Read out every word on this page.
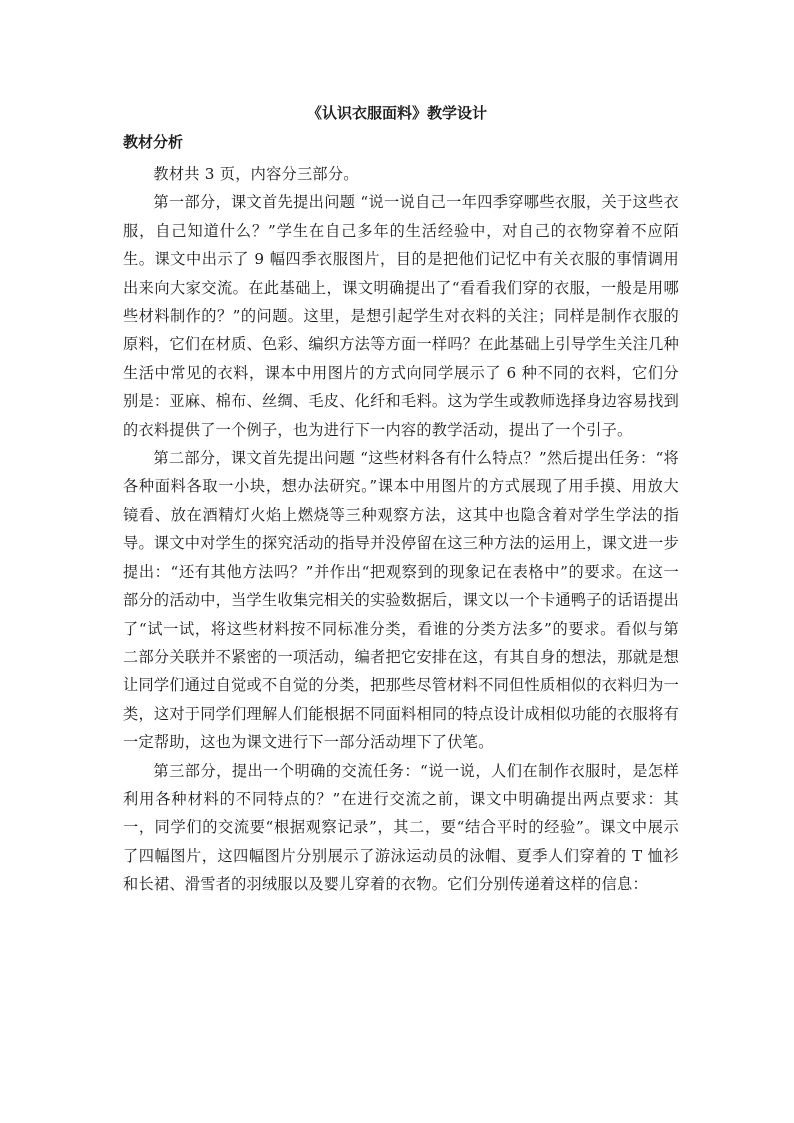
《认识衣服面料》教学设计
教材分析

教材共 3 页，内容分三部分。

第一部分，课文首先提出问题 “说一说自己一年四季穿哪些衣服，关于这些衣服，自己知道什么？”学生在自己多年的生活经验中，对自己的衣物穿着不应陌生。课文中出示了 9 幅四季衣服图片，目的是把他们记忆中有关衣服的事情调用出来向大家交流。在此基础上，课文明确提出了“看看我们穿的衣服，一般是用哪些材料制作的？”的问题。这里，是想引起学生对衣料的关注；同样是制作衣服的原料，它们在材质、色彩、编织方法等方面一样吗？在此基础上引导学生关注几种生活中常见的衣料，课本中用图片的方式向同学展示了 6 种不同的衣料，它们分别是：亚麻、棉布、丝绸、毛皮、化纤和毛料。这为学生或教师选择身边容易找到的衣料提供了一个例子，也为进行下一内容的教学活动，提出了一个引子。

第二部分，课文首先提出问题 “这些材料各有什么特点？”然后提出任务：“将各种面料各取一小块，想办法研究。”课本中用图片的方式展现了用手摸、用放大镜看、放在酒精灯火焰上燃烧等三种观察方法，这其中也隐含着对学生学法的指导。课文中对学生的探究活动的指导并没停留在这三种方法的运用上，课文进一步提出：“还有其他方法吗？”并作出“把观察到的现象记在表格中”的要求。在这一部分的活动中，当学生收集完相关的实验数据后，课文以一个卡通鸭子的话语提出了“试一试，将这些材料按不同标准分类，看谁的分类方法多”的要求。看似与第二部分关联并不紧密的一项活动，编者把它安排在这，有其自身的想法，那就是想让同学们通过自觉或不自觉的分类，把那些尽管材料不同但性质相似的衣料归为一类，这对于同学们理解人们能根据不同面料相同的特点设计成相似功能的衣服将有一定帮助，这也为课文进行下一部分活动埋下了伏笔。

第三部分，提出一个明确的交流任务：“说一说，人们在制作衣服时，是怎样利用各种材料的不同特点的？”在进行交流之前，课文中明确提出两点要求：其一，同学们的交流要“根据观察记录”，其二，要“结合平时的经验”。课文中展示了四幅图片，这四幅图片分别展示了游泳运动员的泳帽、夏季人们穿着的 T 恤衫和长裙、滑雪者的羽绒服以及婴儿穿着的衣物。它们分别传递着这样的信息：
